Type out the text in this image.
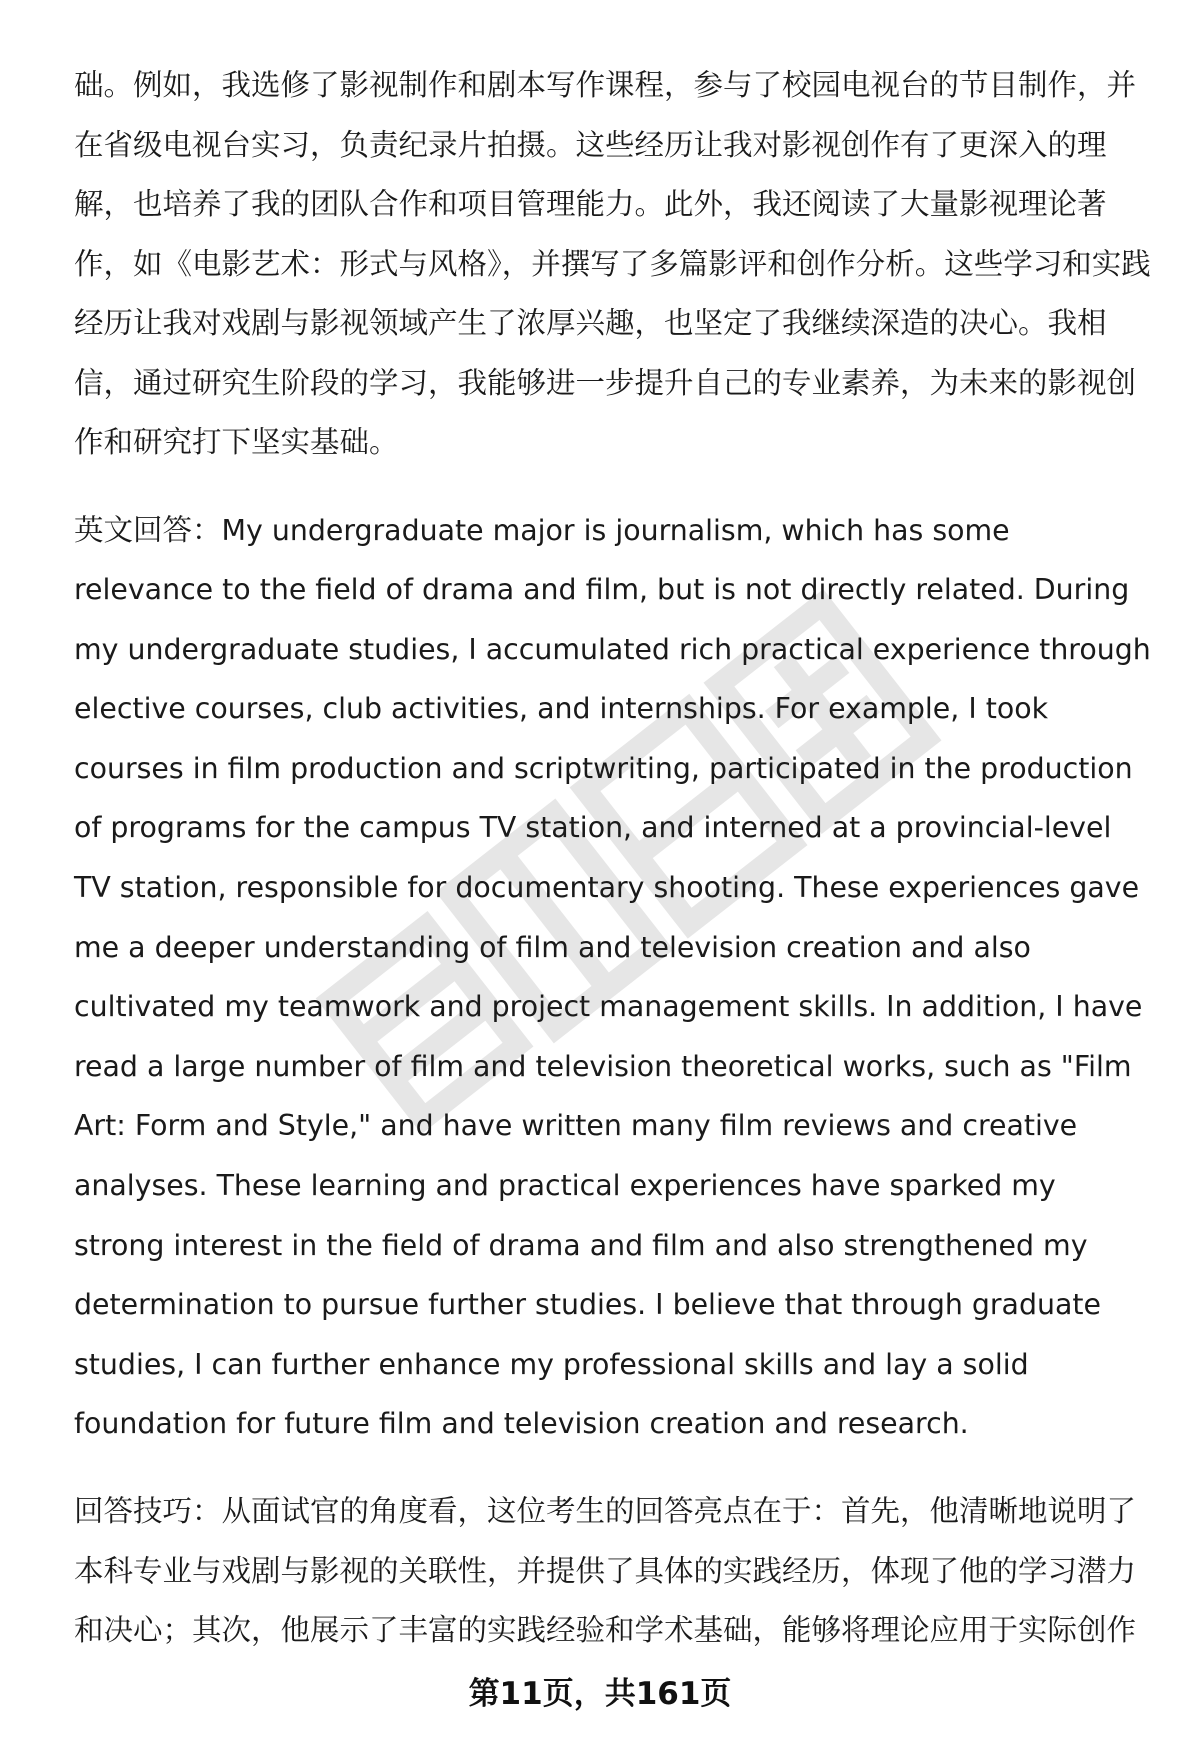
础。例如，我选修了影视制作和剧本写作课程，参与了校园电视台的节目制作，并在省级电视台实习，负责纪录片拍摄。这些经历让我对影视创作有了更深入的理解，也培养了我的团队合作和项目管理能力。此外，我还阅读了大量影视理论著作，如《电影艺术：形式与风格》，并撰写了多篇影评和创作分析。这些学习和实践经历让我对戏剧与影视领域产生了浓厚兴趣，也坚定了我继续深造的决心。我相信，通过研究生阶段的学习，我能够进一步提升自己的专业素养，为未来的影视创作和研究打下坚实基础。

英文回答：My undergraduate major is journalism, which has some relevance to the field of drama and film, but is not directly related. During my undergraduate studies, I accumulated rich practical experience through elective courses, club activities, and internships. For example, I took courses in film production and scriptwriting, participated in the production of programs for the campus TV station, and interned at a provincial-level TV station, responsible for documentary shooting. These experiences gave me a deeper understanding of film and television creation and also cultivated my teamwork and project management skills. In addition, I have read a large number of film and television theoretical works, such as "Film Art: Form and Style," and have written many film reviews and creative analyses. These learning and practical experiences have sparked my strong interest in the field of drama and film and also strengthened my determination to pursue further studies. I believe that through graduate studies, I can further enhance my professional skills and lay a solid foundation for future film and television creation and research.

回答技巧：从面试官的角度看，这位考生的回答亮点在于：首先，他清晰地说明了本科专业与戏剧与影视的关联性，并提供了具体的实践经历，体现了他的学习潜力和决心；其次，他展示了丰富的实践经验和学术基础，能够将理论应用于实际创作

第11页，共161页
